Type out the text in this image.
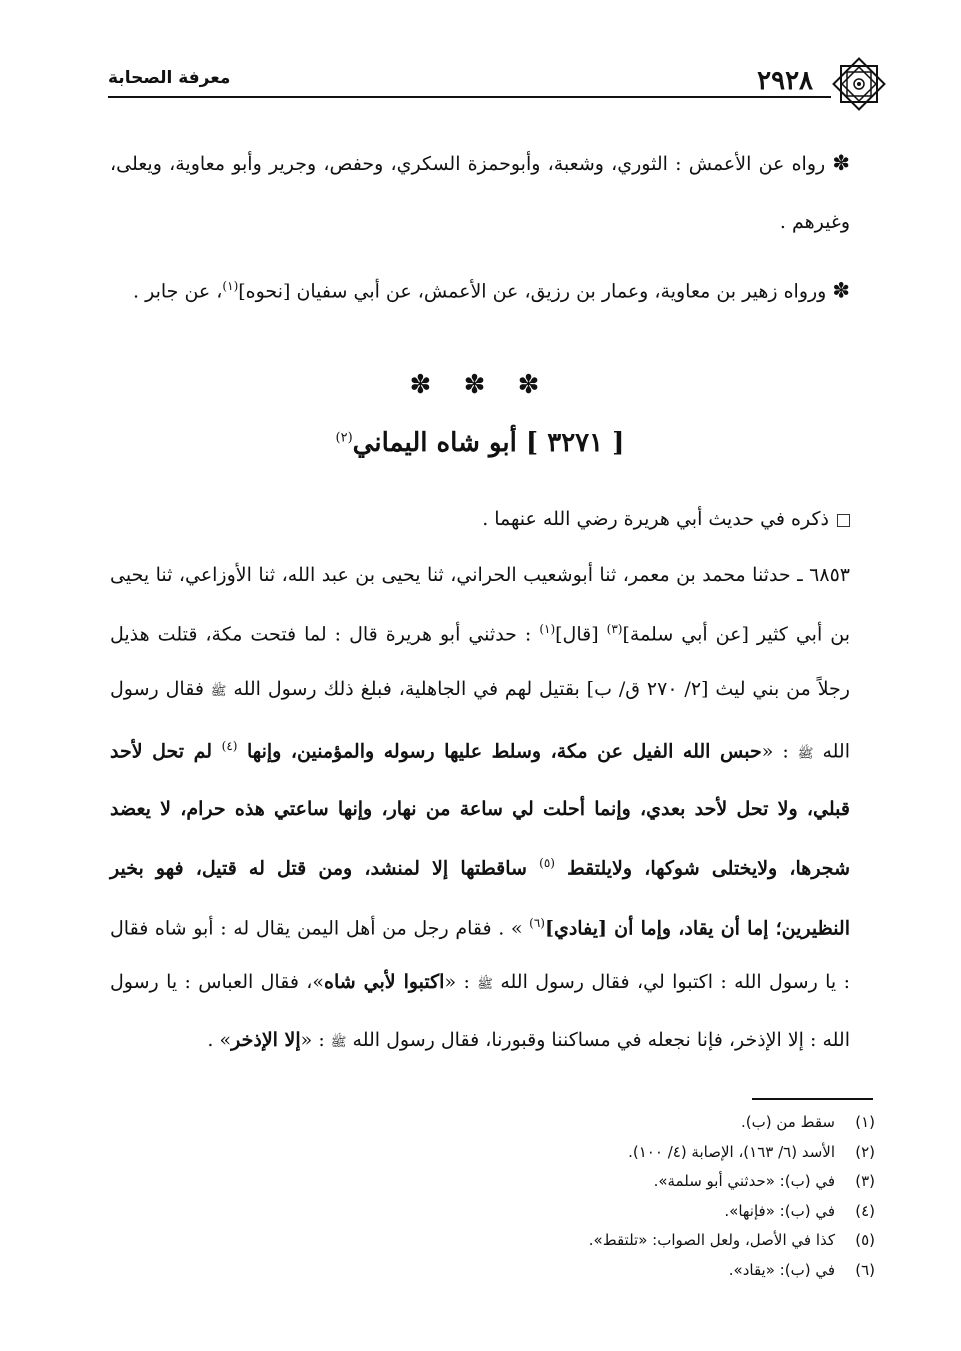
٢٩٢٨
معرفة الصحابة

✽ رواه عن الأعمش : الثوري، وشعبة، وأبوحمزة السكري، وحفص، وجرير وأبو معاوية، ويعلى، وغيرهم .

✽ ورواه زهير بن معاوية، وعمار بن رزيق، عن الأعمش، عن أبي سفيان [نحوه]$^{(١)}$، عن جابر .

✽ ✽ ✽
[ ٣٢٧١ ] أبو شاه اليماني$^{(٢)}$
ذكره في حديث أبي هريرة رضي الله عنهما .

٦٨٥٣ ـ حدثنا محمد بن معمر، ثنا أبوشعيب الحراني، ثنا يحيى بن عبد الله، ثنا الأوزاعي، ثنا يحيى بن أبي كثير [عن أبي سلمة]$^{(٣)}$ [قال]$^{(١)}$ : حدثني أبو هريرة قال : لما فتحت مكة، قتلت هذيل رجلاً من بني ليث [٢/ ٢٧٠ ق/ ب] بقتيل لهم في الجاهلية، فبلغ ذلك رسول الله ﷺ فقال رسول الله ﷺ : «حبس الله الفيل عن مكة، وسلط عليها رسوله والمؤمنين، وإنها $^{(٤)}$ لم تحل لأحد قبلي، ولا تحل لأحد بعدي، وإنما أحلت لي ساعة من نهار، وإنها ساعتي هذه حرام، لا يعضد شجرها، ولايختلى شوكها، ولايلتقط $^{(٥)}$ ساقطتها إلا لمنشد، ومن قتل له قتيل، فهو بخير النظيرين؛ إما أن يقاد، وإما أن [يفادي]$^{(٦)}$ » . فقام رجل من أهل اليمن يقال له : أبو شاه فقال : يا رسول الله : اكتبوا لي، فقال رسول الله ﷺ : «اكتبوا لأبي شاه»، فقال العباس : يا رسول الله : إلا الإذخر، فإنا نجعله في مساكننا وقبورنا، فقال رسول الله ﷺ : «إلا الإذخر» .

(١)سقط من (ب).
(٢)الأسد (٦/ ١٦٣)، الإصابة (٤/ ١٠٠).
(٣)في (ب): «حدثني أبو سلمة».
(٤)في (ب): «فإنها».
(٥)كذا في الأصل، ولعل الصواب: «تلتقط».
(٦)في (ب): «يقاد».
